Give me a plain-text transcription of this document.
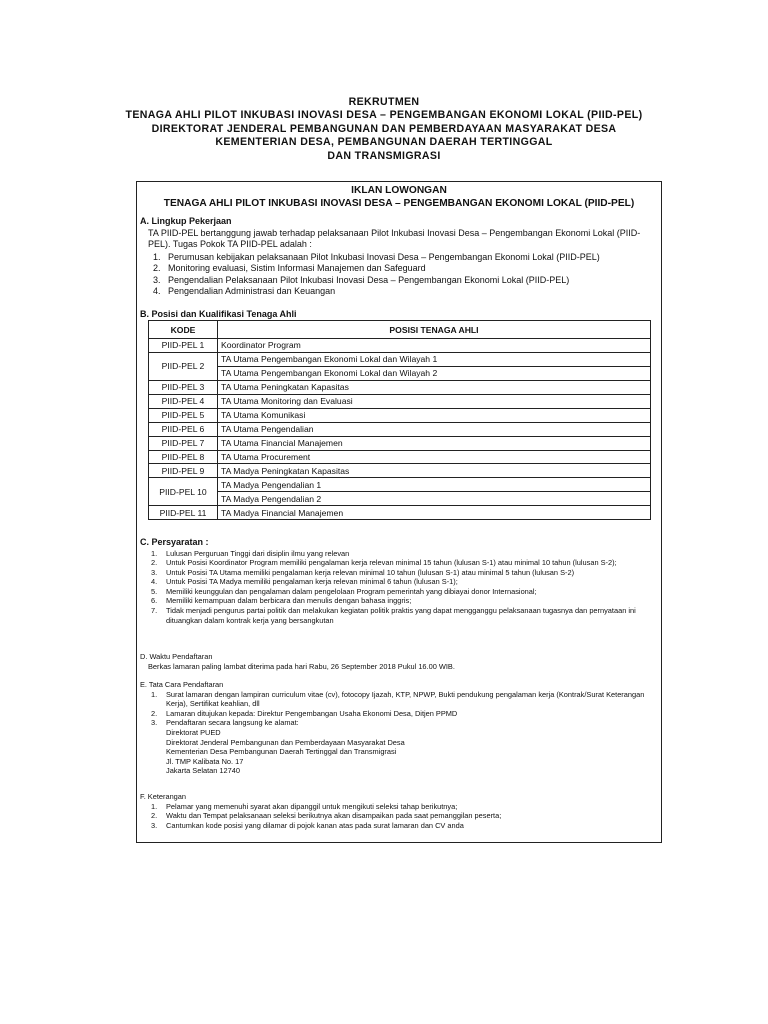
REKRUTMEN
TENAGA AHLI PILOT INKUBASI INOVASI DESA – PENGEMBANGAN EKONOMI LOKAL (PIID-PEL)
DIREKTORAT JENDERAL PEMBANGUNAN DAN PEMBERDAYAAN MASYARAKAT DESA
KEMENTERIAN DESA, PEMBANGUNAN DAERAH TERTINGGAL
DAN TRANSMIGRASI
IKLAN LOWONGAN
TENAGA AHLI PILOT INKUBASI INOVASI DESA – PENGEMBANGAN EKONOMI LOKAL (PIID-PEL)
A. Lingkup Pekerjaan
TA PIID-PEL bertanggung jawab terhadap pelaksanaan Pilot Inkubasi Inovasi Desa – Pengembangan Ekonomi Lokal (PIID-
PEL). Tugas Pokok TA PIID-PEL adalah :
1. Perumusan kebijakan pelaksanaan Pilot Inkubasi Inovasi Desa – Pengembangan Ekonomi Lokal (PIID-PEL)
2. Monitoring evaluasi, Sistim Informasi Manajemen dan Safeguard
3. Pengendalian Pelaksanaan Pilot Inkubasi Inovasi Desa – Pengembangan Ekonomi Lokal (PIID-PEL)
4. Pengendalian Administrasi dan Keuangan
B. Posisi dan Kualifikasi Tenaga Ahli
KODE	POSISI TENAGA AHLI
PIID-PEL 1	Koordinator Program
PIID-PEL 2	TA Utama Pengembangan Ekonomi Lokal dan Wilayah 1
	TA Utama Pengembangan Ekonomi Lokal dan Wilayah 2
PIID-PEL 3	TA Utama Peningkatan Kapasitas
PIID-PEL 4	TA Utama Monitoring dan Evaluasi
PIID-PEL 5	TA Utama Komunikasi
PIID-PEL 6	TA Utama Pengendalian
PIID-PEL 7	TA Utama Financial Manajemen
PIID-PEL 8	TA Utama Procurement
PIID-PEL 9	TA Madya Peningkatan Kapasitas
PIID-PEL 10	TA Madya Pengendalian 1
	TA Madya Pengendalian 2
PIID-PEL 11	TA Madya Financial Manajemen
C. Persyaratan :
1. Lulusan Perguruan Tinggi dari disiplin ilmu yang relevan
2. Untuk Posisi Koordinator Program memiliki pengalaman kerja relevan minimal 15 tahun (lulusan S-1) atau minimal 10 tahun (lulusan S-2);
3. Untuk Posisi TA Utama memiliki pengalaman kerja relevan minimal 10 tahun (lulusan S-1) atau minimal 5 tahun (lulusan S-2)
4. Untuk Posisi TA Madya memiliki pengalaman kerja relevan minimal 6 tahun (lulusan S-1);
5. Memiliki keunggulan dan pengalaman dalam pengelolaan Program pemerintah yang dibiayai donor Internasional;
6. Memiliki kemampuan dalam berbicara dan menulis dengan bahasa inggris;
7. Tidak menjadi pengurus partai politik dan melakukan kegiatan politik praktis yang dapat mengganggu pelaksanaan tugasnya dan pernyataan ini dituangkan dalam kontrak kerja yang bersangkutan
D. Waktu Pendaftaran
Berkas lamaran paling lambat diterima pada hari Rabu, 26 September 2018 Pukul 16.00 WIB.
E. Tata Cara Pendaftaran
1. Surat lamaran dengan lampiran curriculum vitae (cv), fotocopy Ijazah, KTP, NPWP, Bukti pendukung pengalaman kerja (Kontrak/Surat Keterangan Kerja), Sertifikat keahlian, dll
2. Lamaran ditujukan kepada: Direktur Pengembangan Usaha Ekonomi Desa, Ditjen PPMD
3. Pendaftaran secara langsung ke alamat:
Direktorat PUED
Direktorat Jenderal Pembangunan dan Pemberdayaan Masyarakat Desa
Kementerian Desa Pembangunan Daerah Tertinggal dan Transmigrasi
Jl. TMP Kalibata No. 17
Jakarta Selatan 12740
F. Keterangan
1. Pelamar yang memenuhi syarat akan dipanggil untuk mengikuti seleksi tahap berikutnya;
2. Waktu dan Tempat pelaksanaan seleksi berikutnya akan disampaikan pada saat pemanggilan peserta;
3. Cantumkan kode posisi yang dilamar di pojok kanan atas pada surat lamaran dan CV anda
